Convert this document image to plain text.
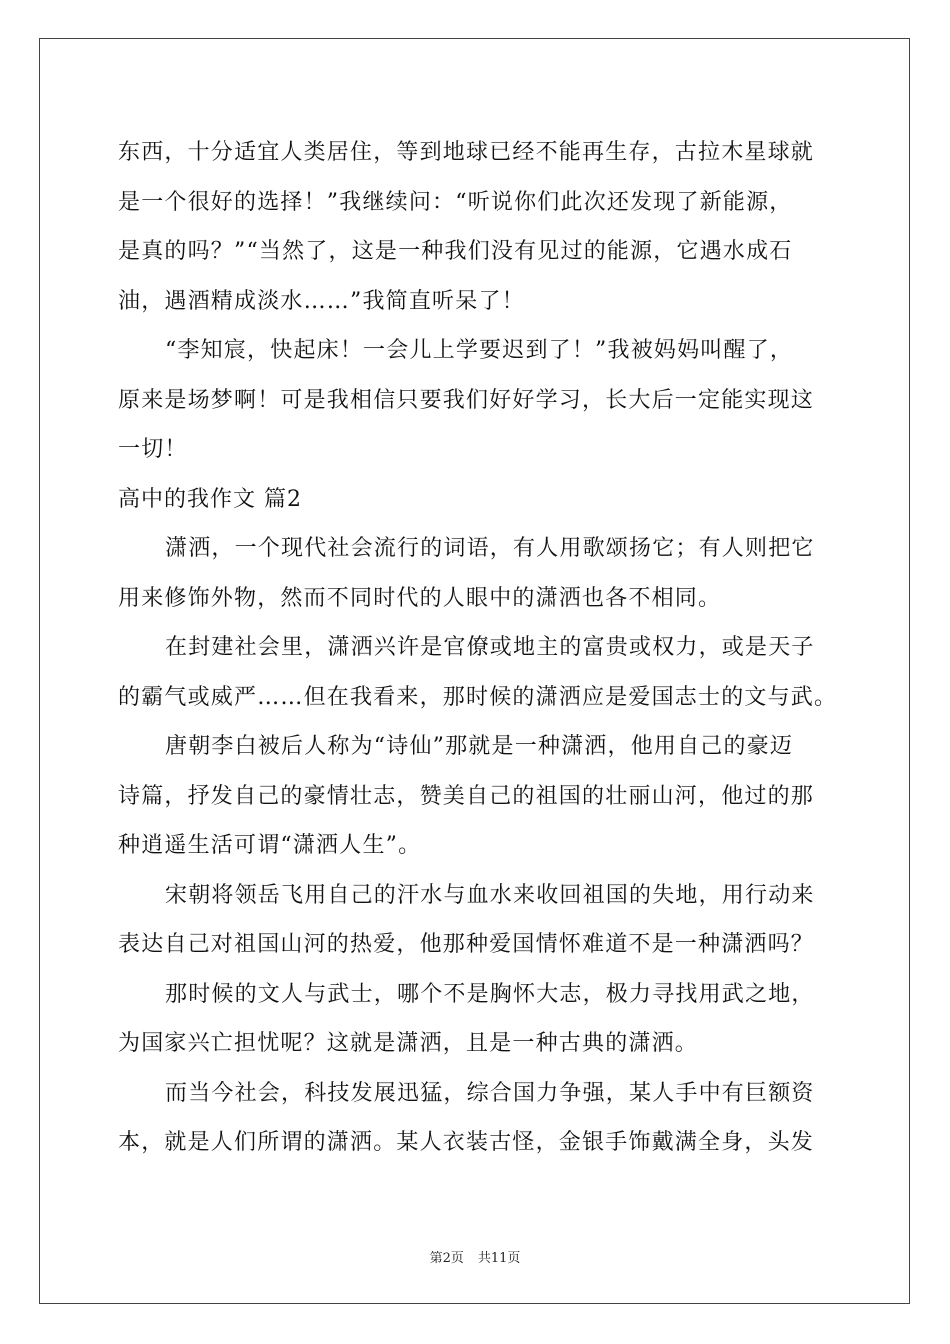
东西，十分适宜人类居住，等到地球已经不能再生存，古拉木星球就
是一个很好的选择！”我继续问：“听说你们此次还发现了新能源，
是真的吗？”“当然了，这是一种我们没有见过的能源，它遇水成石
油，遇酒精成淡水……”我简直听呆了！
“李知宸，快起床！一会儿上学要迟到了！”我被妈妈叫醒了，
原来是场梦啊！可是我相信只要我们好好学习，长大后一定能实现这
一切！
高中的我作文 篇2
潇洒，一个现代社会流行的词语，有人用歌颂扬它；有人则把它
用来修饰外物，然而不同时代的人眼中的潇洒也各不相同。
在封建社会里，潇洒兴许是官僚或地主的富贵或权力，或是天子
的霸气或威严……但在我看来，那时候的潇洒应是爱国志士的文与武。
唐朝李白被后人称为“诗仙”那就是一种潇洒，他用自己的豪迈
诗篇，抒发自己的豪情壮志，赞美自己的祖国的壮丽山河，他过的那
种逍遥生活可谓“潇洒人生”。
宋朝将领岳飞用自己的汗水与血水来收回祖国的失地，用行动来
表达自己对祖国山河的热爱，他那种爱国情怀难道不是一种潇洒吗？
那时候的文人与武士，哪个不是胸怀大志，极力寻找用武之地，
为国家兴亡担忧呢？这就是潇洒，且是一种古典的潇洒。
而当今社会，科技发展迅猛，综合国力争强，某人手中有巨额资
本，就是人们所谓的潇洒。某人衣装古怪，金银手饰戴满全身，头发
第2页 共11页
